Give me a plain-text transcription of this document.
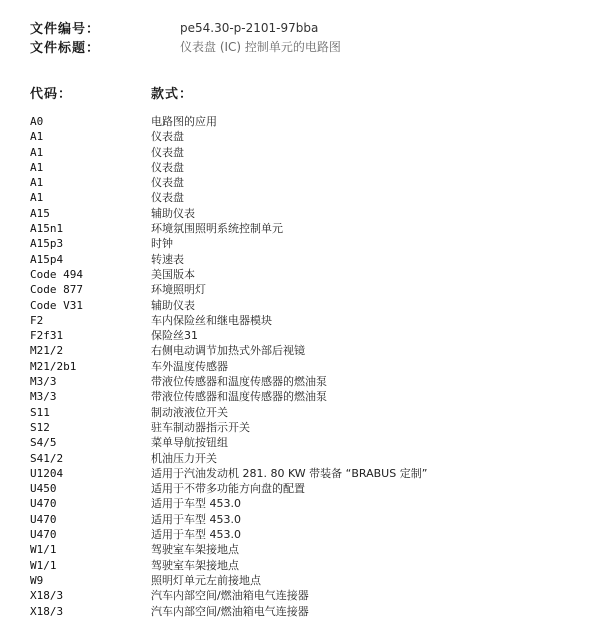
文件编号：	pe54.30-p-2101-97bba
文件标题：	仪表盘 (IC) 控制单元的电路图
代码：	款式：
A0	电路图的应用
A1	仪表盘
A1	仪表盘
A1	仪表盘
A1	仪表盘
A1	仪表盘
A15	辅助仪表
A15n1	环境氛围照明系统控制单元
A15p3	时钟
A15p4	转速表
Code 494	美国版本
Code 877	环境照明灯
Code V31	辅助仪表
F2	车内保险丝和继电器模块
F2f31	保险丝31
M21/2	右侧电动调节加热式外部后视镜
M21/2b1	车外温度传感器
M3/3	带液位传感器和温度传感器的燃油泵
M3/3	带液位传感器和温度传感器的燃油泵
S11	制动液液位开关
S12	驻车制动器指示开关
S4/5	菜单导航按钮组
S41/2	机油压力开关
U1204	适用于汽油发动机 281. 80 KW 带装备 “BRABUS 定制”
U450	适用于不带多功能方向盘的配置
U470	适用于车型 453.0
U470	适用于车型 453.0
U470	适用于车型 453.0
W1/1	驾驶室车架接地点
W1/1	驾驶室车架接地点
W9	照明灯单元左前接地点
X18/3	汽车内部空间/燃油箱电气连接器
X18/3	汽车内部空间/燃油箱电气连接器
